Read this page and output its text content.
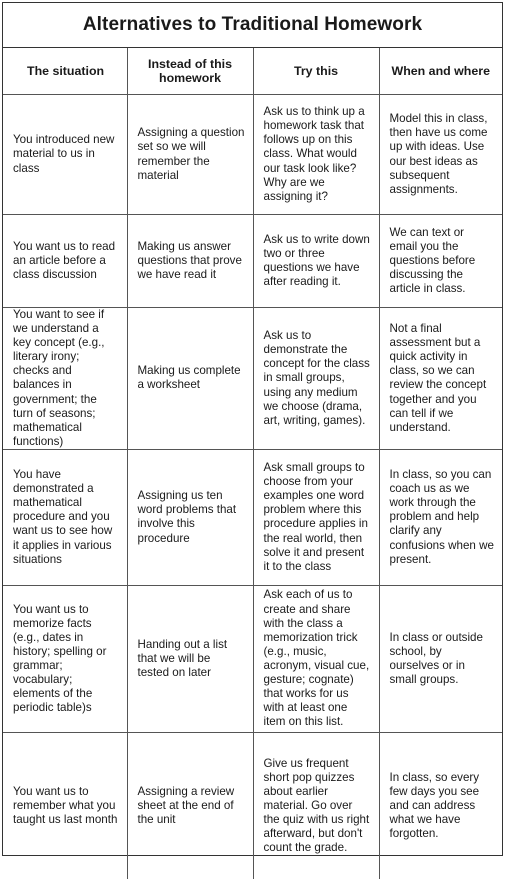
Alternatives to Traditional Homework
The situation	Instead of this homework	Try this	When and where
You introduced new material to us in class	Assigning a question set so we will remember the material	Ask us to think up a homework task that follows up on this class. What would our task look like? Why are we assigning it?	Model this in class, then have us come up with ideas. Use our best ideas as subsequent assignments.
You want us to read an article before a class discussion	Making us answer questions that prove we have read it	Ask us to write down two or three questions we have after reading it.	We can text or email you the questions before discussing the article in class.
You want to see if we understand a key concept (e.g., literary irony; checks and balances in government; the turn of seasons; mathematical functions)	Making us complete a worksheet	Ask us to demonstrate the concept for the class in small groups, using any medium we choose (drama, art, writing, games).	Not a final assessment but a quick activity in class, so we can review the concept together and you can tell if we understand.
You have demonstrated a mathematical procedure and you want us to see how it applies in various situations	Assigning us ten word problems that involve this procedure	Ask small groups to choose from your examples one word problem where this procedure applies in the real world, then solve it and present it to the class	In class, so you can coach us as we work through the problem and help clarify any confusions when we present.
You want us to memorize facts (e.g., dates in history; spelling or grammar; vocabulary; elements of the periodic table)s	Handing out a list that we will be tested on later	Ask each of us to create and share with the class a memorization trick (e.g., music, acronym, visual cue, gesture; cognate) that works for us with at least one item on this list.	In class or outside school, by ourselves or in small groups.
You want us to remember what you taught us last month	Assigning a review sheet at the end of the unit	Give us frequent short pop quizzes about earlier material. Go over the quiz with us right afterward, but don't count the grade.	In class, so every few days you see and can address what we have forgotten.
